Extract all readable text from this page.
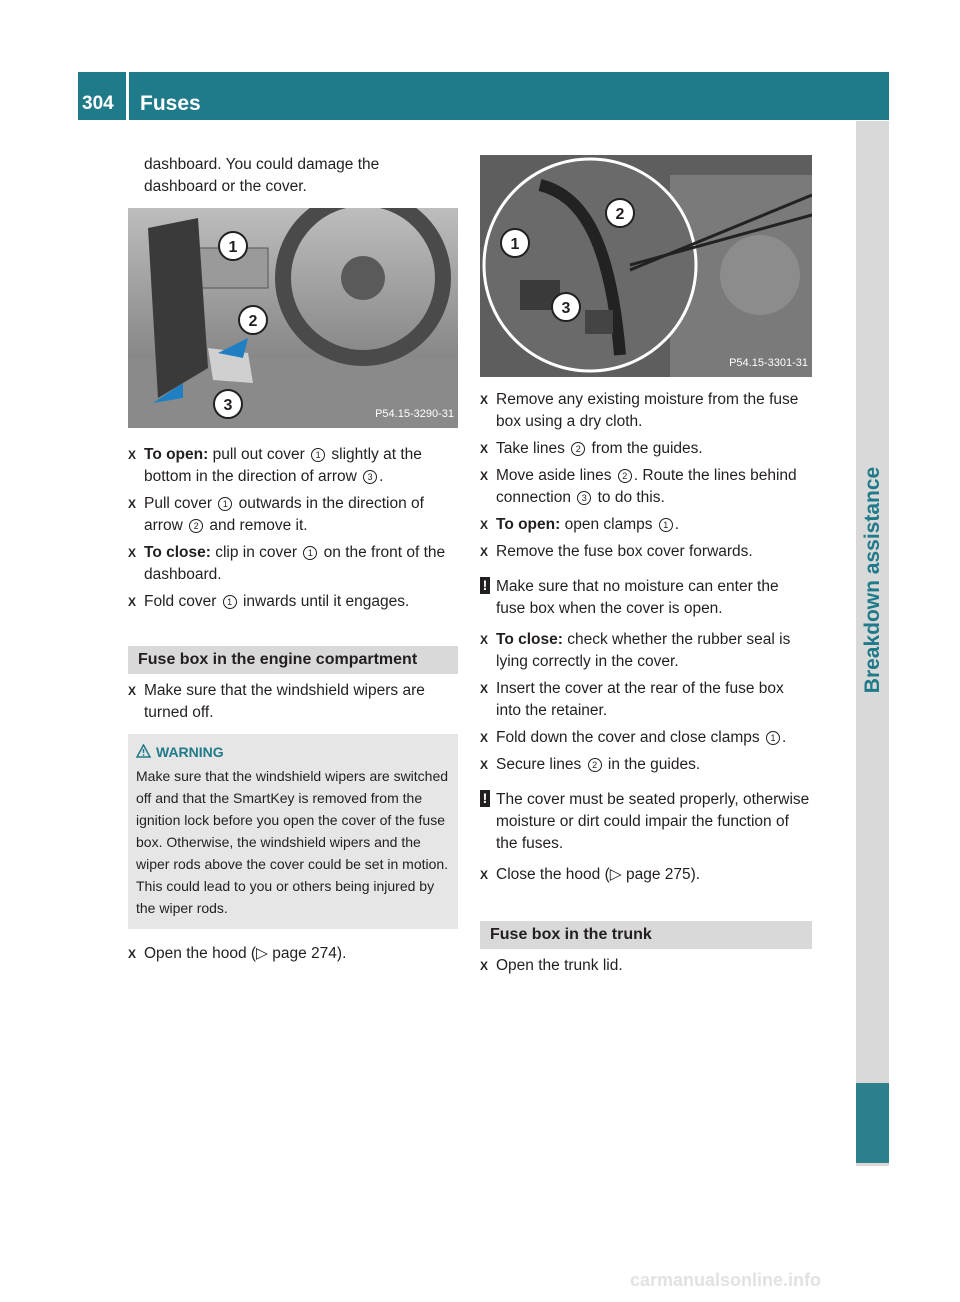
304	Fuses
Breakdown assistance

dashboard. You could damage the
dashboard or the cover.

1
2
3	P54.15-3290-31
X To open: pull out cover 1 slightly at the bottom in the direction of arrow 3 .
X Pull cover 1 outwards in the direction of arrow 2 and remove it.
X To close: clip in cover 1 on the front of the dashboard.
X Fold cover 1 inwards until it engages.
Fuse box in the engine compartment
X Make sure that the windshield wipers are turned off.
WARNING
Make sure that the windshield wipers are switched off and that the SmartKey is removed from the ignition lock before you open the cover of the fuse box. Otherwise, the windshield wipers and the wiper rods above the cover could be set in motion. This could lead to you or others being injured by the wiper rods.
X Open the hood (▷ page 274).
1
2
3
P54.15-3301-31
X Remove any existing moisture from the fuse box using a dry cloth.
X Take lines 2 from the guides.
X Move aside lines 2 . Route the lines behind connection 3 to do this.
X To open: open clamps 1 .
X Remove the fuse box cover forwards.
! Make sure that no moisture can enter the fuse box when the cover is open.
X To close: check whether the rubber seal is lying correctly in the cover.
X Insert the cover at the rear of the fuse box into the retainer.
X Fold down the cover and close clamps 1 .
X Secure lines 2 in the guides.
! The cover must be seated properly, otherwise moisture or dirt could impair the function of the fuses.
X Close the hood (▷ page 275).
Fuse box in the trunk
X Open the trunk lid.
carmanualsonline.info
